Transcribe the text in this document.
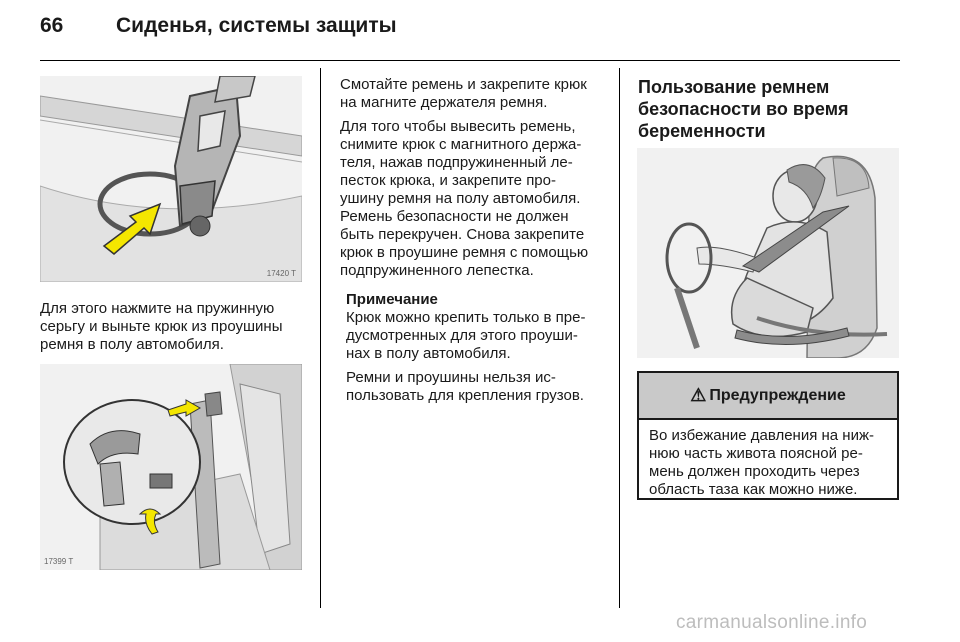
66	Сиденья, системы защиты
17420 T
Для этого нажмите на пружинную серьгу и выньте крюк из проушины ремня в полу автомобиля.
17399 T

Смотайте ремень и закрепите крюк на магните держателя ремня.

Для того чтобы вывесить ремень, снимите крюк с магнитного держа- теля, нажав подпружиненный ле- песток крюка, и закрепите про- ушину ремня на полу автомобиля. Ремень безопасности не должен быть перекручен. Снова закрепите крюк в проушине ремня с помощью подпружиненного лепестка.

Примечание

Крюк можно крепить только в пре- дусмотренных для этого проуши- нах в полу автомобиля.

Ремни и проушины нельзя ис- пользовать для крепления грузов.

Пользование ремнем безопасности во время беременности
⚠ Предупреждение
Во избежание давления на ниж- нюю часть живота поясной ре- мень должен проходить через область таза как можно ниже.
carmanualsonline.info
